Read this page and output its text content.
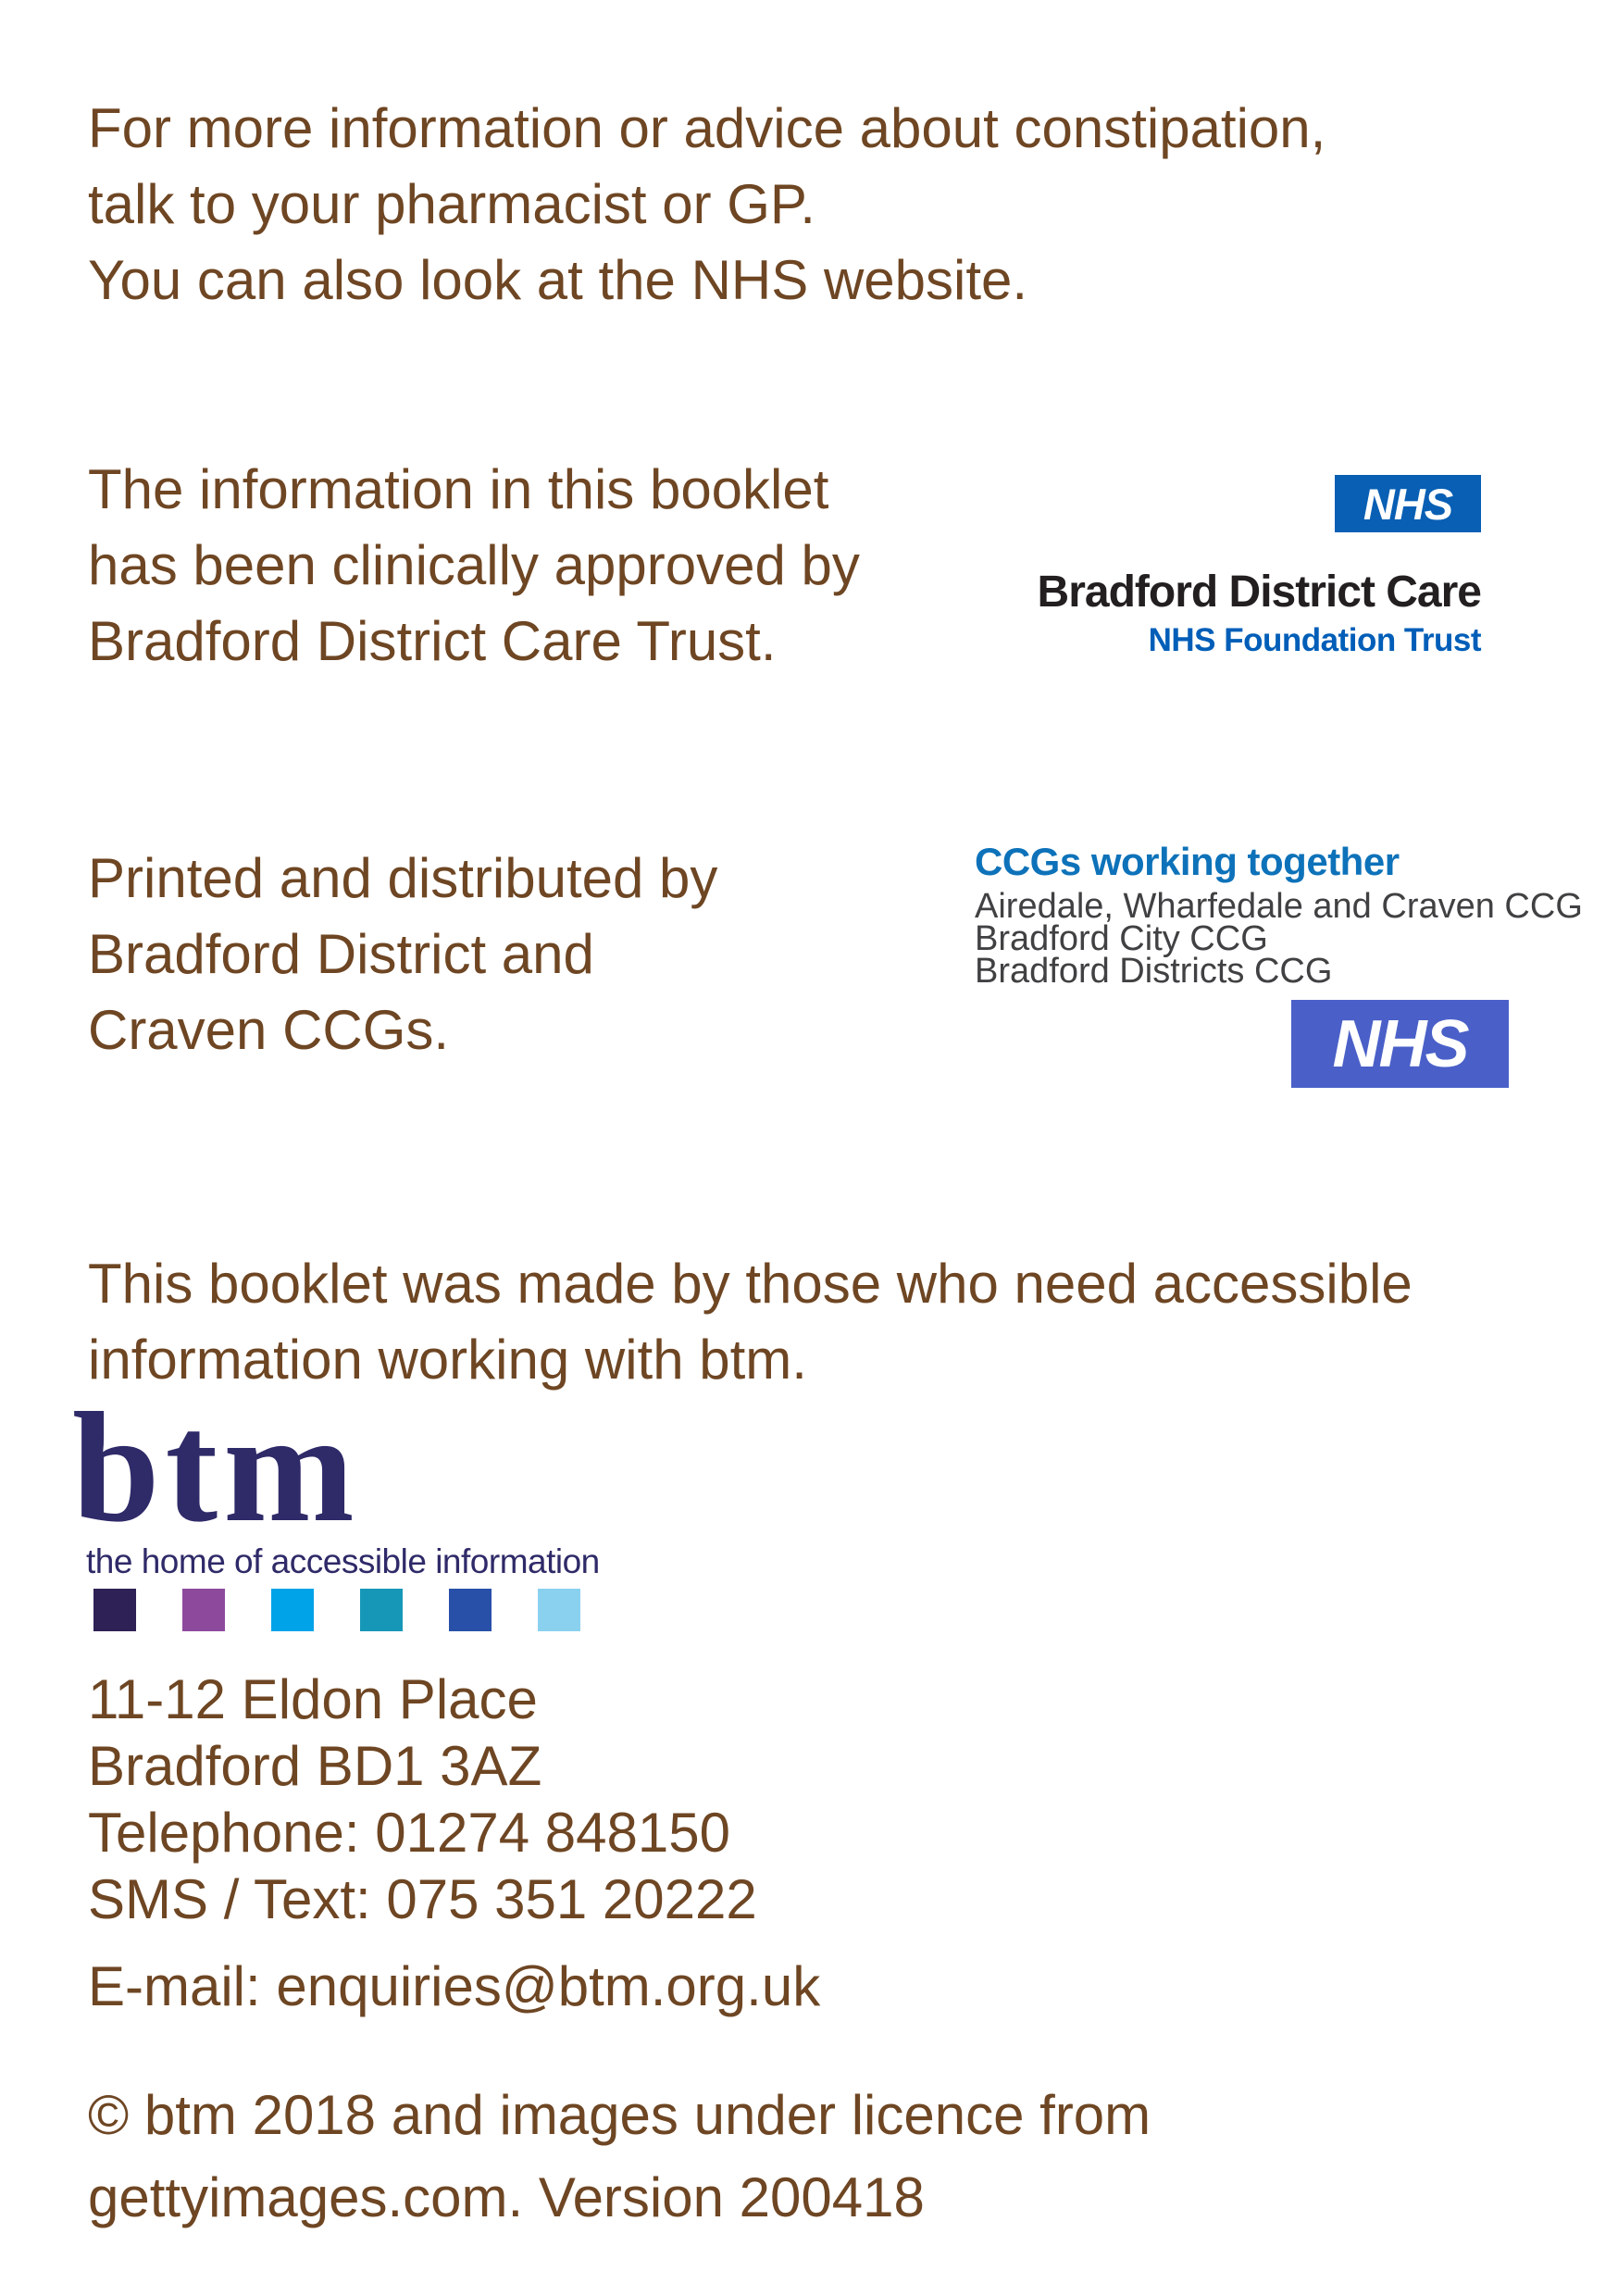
For more information or advice about constipation,
talk to your pharmacist or GP.
You can also look at the NHS website.
The information in this booklet
has been clinically approved by
Bradford District Care Trust.
NHS
Bradford District Care
NHS Foundation Trust
Printed and distributed by
Bradford District and
Craven CCGs.
CCGs working together
Airedale, Wharfedale and Craven CCG
Bradford City CCG
Bradford Districts CCG
NHS
This booklet was made by those who need accessible
information working with btm.
btm
the home of accessible information
11-12 Eldon Place
Bradford BD1 3AZ
Telephone: 01274 848150
SMS / Text: 075 351 20222
E-mail: enquiries@btm.org.uk
© btm 2018 and images under licence from
gettyimages.com. Version 200418
